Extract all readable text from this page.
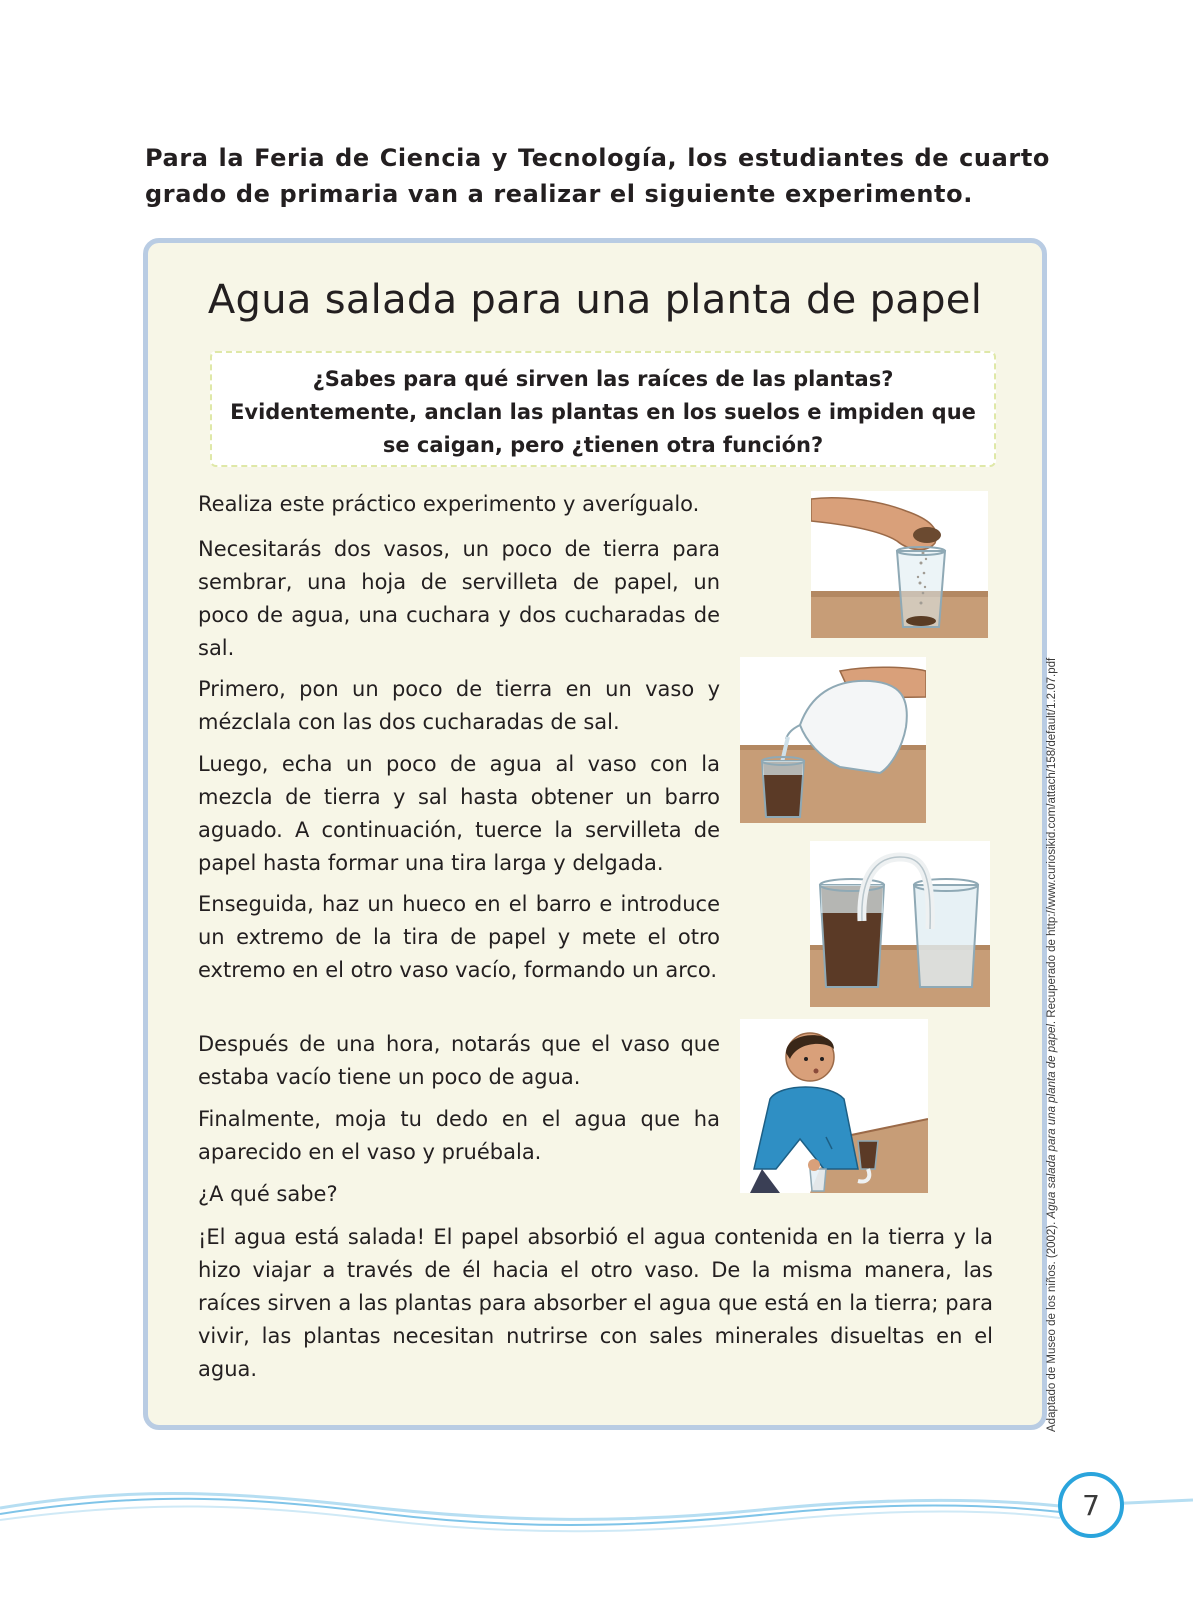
Para la Feria de Ciencia y Tecnología, los estudiantes de cuarto grado de primaria van a realizar el siguiente experimento.

Agua salada para una planta de papel
¿Sabes para qué sirven las raíces de las plantas? Evidentemente, anclan las plantas en los suelos e impiden que se caigan, pero ¿tienen otra función?

Realiza este práctico experimento y averígualo.

Necesitarás dos vasos, un poco de tierra para sembrar, una hoja de servilleta de papel, un poco de agua, una cuchara y dos cucharadas de sal.

Primero, pon un poco de tierra en un vaso y mézclala con las dos cucharadas de sal.

Luego, echa un poco de agua al vaso con la mezcla de tierra y sal hasta obtener un barro aguado. A continuación, tuerce la servilleta de papel hasta formar una tira larga y delgada.

Enseguida, haz un hueco en el barro e introduce un extremo de la tira de papel y mete el otro extremo en el otro vaso vacío, formando un arco.

Después de una hora, notarás que el vaso que estaba vacío tiene un poco de agua.

Finalmente, moja tu dedo en el agua que ha aparecido en el vaso y pruébala.

¿A qué sabe?

¡El agua está salada! El papel absorbió el agua contenida en la tierra y la hizo viajar a través de él hacia el otro vaso. De la misma manera, las raíces sirven a las plantas para absorber el agua que está en la tierra; para vivir, las plantas necesitan nutrirse con sales minerales disueltas en el agua.	Adaptado de Museo de los niños. (2002). Agua salada para una planta de papel. Recuperado de http://www.curiosikid.com/attach/158/default/1.2.07.pdf
7
